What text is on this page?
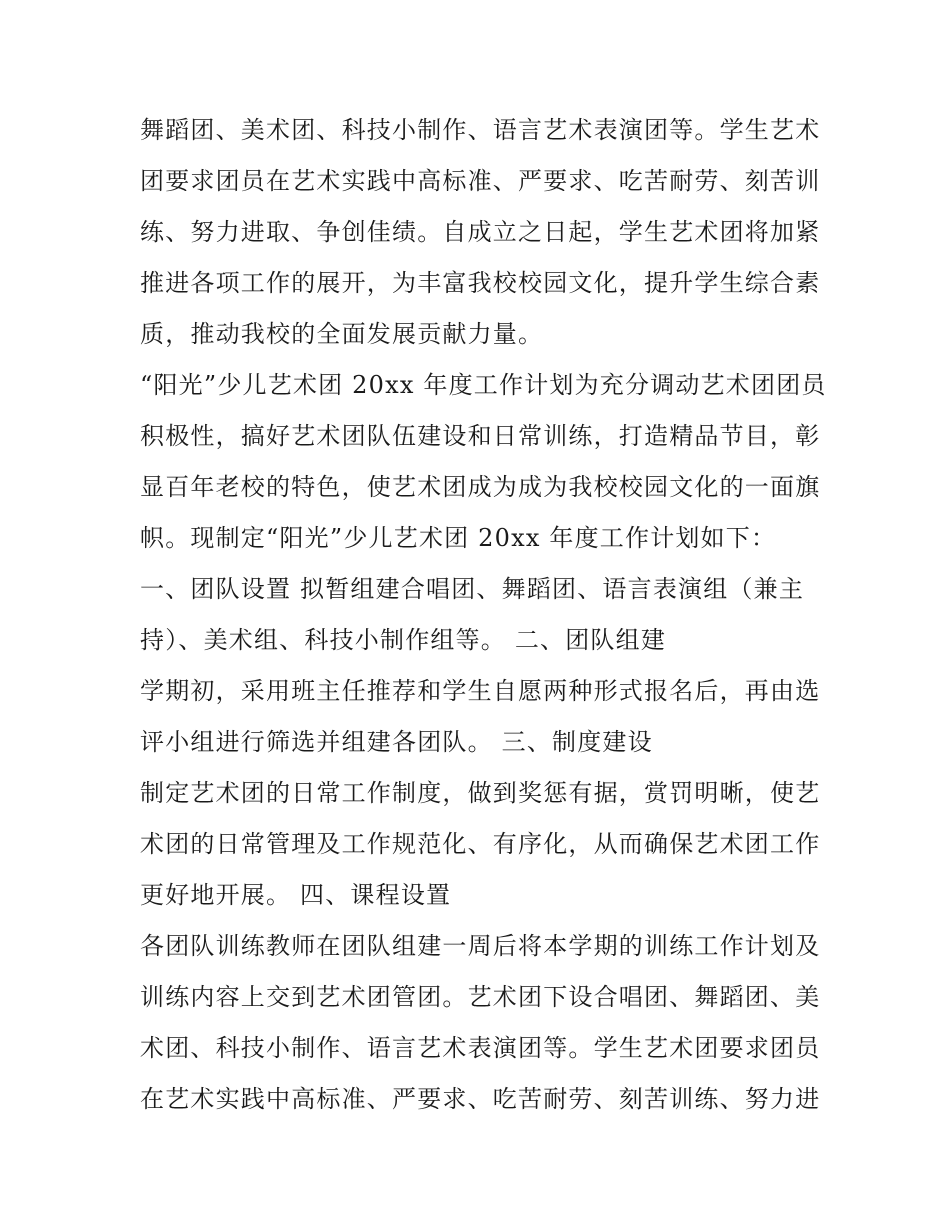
舞蹈团、美术团、科技小制作、语言艺术表演团等。学生艺术
团要求团员在艺术实践中高标准、严要求、吃苦耐劳、刻苦训
练、努力进取、争创佳绩。自成立之日起，学生艺术团将加紧
推进各项工作的展开，为丰富我校校园文化，提升学生综合素
质，推动我校的全面发展贡献力量。
“阳光”少儿艺术团 20xx 年度工作计划为充分调动艺术团团员
积极性，搞好艺术团队伍建设和日常训练，打造精品节目，彰
显百年老校的特色，使艺术团成为成为我校校园文化的一面旗
帜。现制定“阳光”少儿艺术团 20xx 年度工作计划如下：
一、团队设置 拟暂组建合唱团、舞蹈团、语言表演组（兼主
持）、美术组、科技小制作组等。 二、团队组建
学期初，采用班主任推荐和学生自愿两种形式报名后，再由选
评小组进行筛选并组建各团队。 三、制度建设
制定艺术团的日常工作制度，做到奖惩有据，赏罚明晰，使艺
术团的日常管理及工作规范化、有序化，从而确保艺术团工作
更好地开展。 四、课程设置
各团队训练教师在团队组建一周后将本学期的训练工作计划及
训练内容上交到艺术团管团。艺术团下设合唱团、舞蹈团、美
术团、科技小制作、语言艺术表演团等。学生艺术团要求团员
在艺术实践中高标准、严要求、吃苦耐劳、刻苦训练、努力进
